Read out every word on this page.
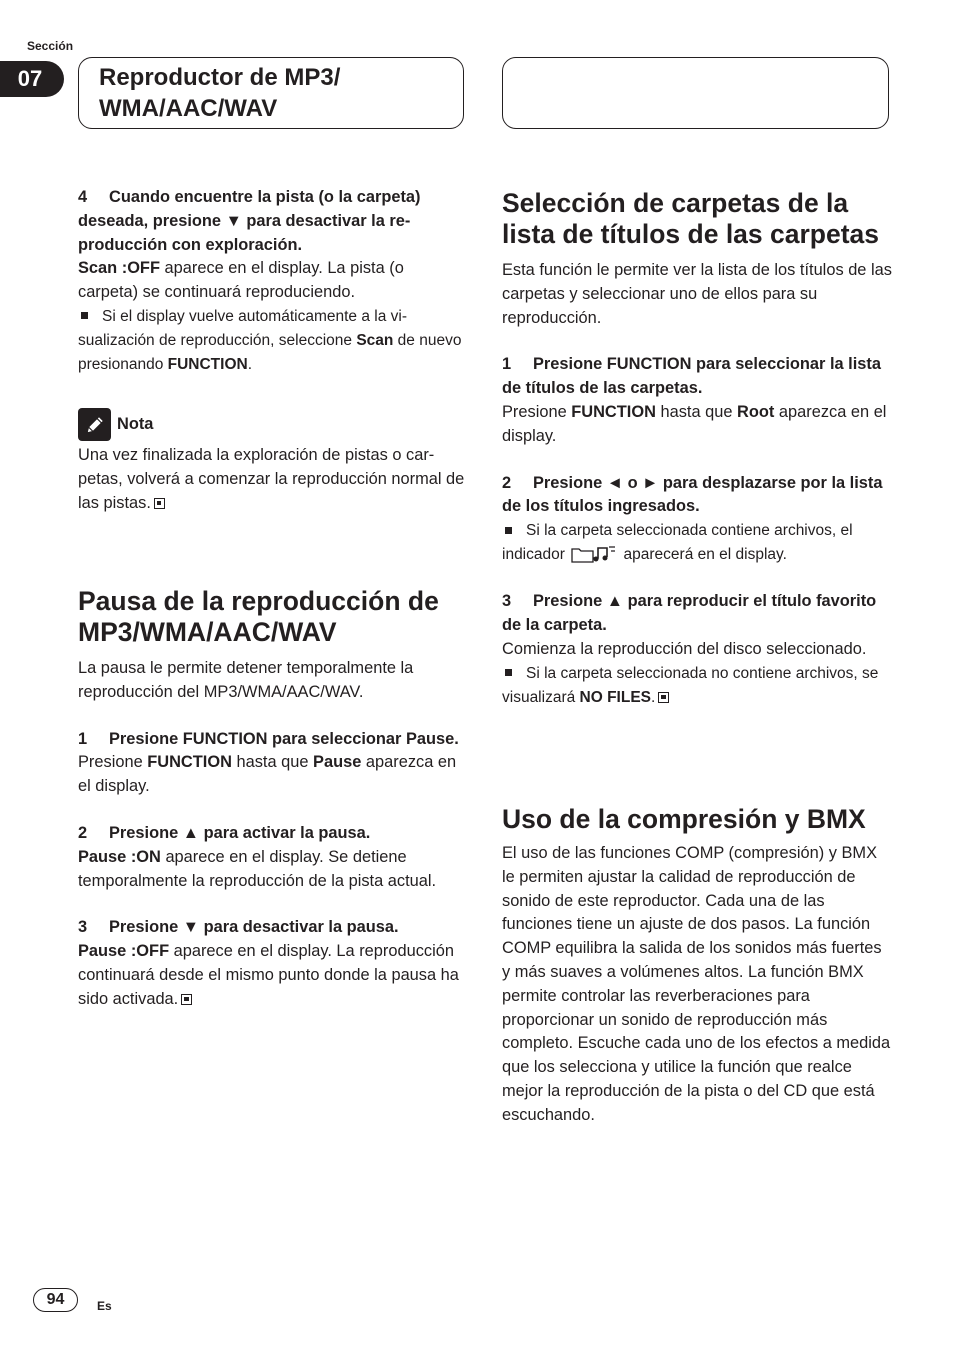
Sección
07	Reproductor de MP3/

WMA/AAC/WAV

4 Cuando encuentre la pista (o la carpeta) deseada, presione ▼ para desactivar la reproducción con exploración.

Scan :OFF aparece en el display. La pista (o carpeta) se continuará reproduciendo.

Si el display vuelve automáticamente a la visualización de reproducción, seleccione Scan de nuevo presionando FUNCTION.

Nota

Una vez finalizada la exploración de pistas o carpetas, volverá a comenzar la reproducción normal de las pistas.

Pausa de la reproducción de MP3/WMA/AAC/WAV

La pausa le permite detener temporalmente la reproducción del MP3/WMA/AAC/WAV.

1 Presione FUNCTION para seleccionar Pause.

Presione FUNCTION hasta que Pause aparezca en el display.

2 Presione ▲ para activar la pausa.

Pause :ON aparece en el display. Se detiene temporalmente la reproducción de la pista actual.

3 Presione ▼ para desactivar la pausa.

Pause :OFF aparece en el display. La reproducción continuará desde el mismo punto donde la pausa ha sido activada.

Selección de carpetas de la lista de títulos de las carpetas

Esta función le permite ver la lista de los títulos de las carpetas y seleccionar uno de ellos para su reproducción.

1 Presione FUNCTION para seleccionar la lista de títulos de las carpetas.

Presione FUNCTION hasta que Root aparezca en el display.

2 Presione ◄ o ► para desplazarse por la lista de los títulos ingresados.

Si la carpeta seleccionada contiene archivos, el indicador	aparecerá en el display.

3 Presione ▲ para reproducir el título favorito de la carpeta.

Comienza la reproducción del disco seleccionado.

Si la carpeta seleccionada no contiene archivos, se visualizará NO FILES.

Uso de la compresión y BMX

El uso de las funciones COMP (compresión) y BMX le permiten ajustar la calidad de reproducción de sonido de este reproductor. Cada una de las funciones tiene un ajuste de dos pasos. La función COMP equilibra la salida de los sonidos más fuertes y más suaves a volúmenes altos. La función BMX permite controlar las reverberaciones para proporcionar un sonido de reproducción más completo. Escuche cada uno de los efectos a medida que los selecciona y utilice la función que realce mejor la reproducción de la pista o del CD que está escuchando.

94	Es
